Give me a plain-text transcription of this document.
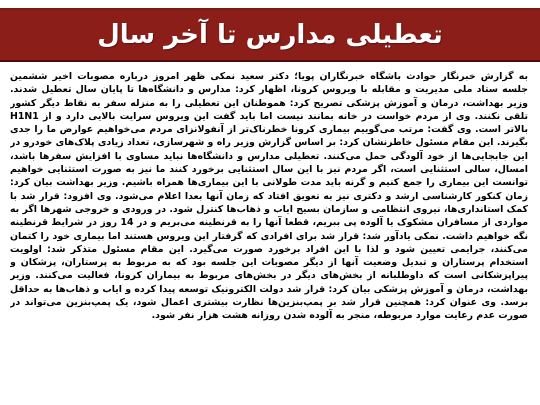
تعطیلی مدارس تا آخر سال
به گزارش خبرنگار حوادث باشگاه خبرنگاران پویا؛ دکتر سعید نمکی ظهر امروز درباره مصوبات اخیر ششمین جلسه ستاد ملی مدیریت و مقابله با ویروس کرونا، اظهار کرد: مدارس و دانشگاه‌ها تا پایان سال تعطیل شدند. وزیر بهداشت، درمان و آموزش پزشکی تصریح کرد: هموطنان این تعطیلی را به منزله سفر به نقاط دیگر کشور تلقی نکنند. وی از مردم خواست در خانه بمانند نیست اما باید گفت این ویروس سرایت بالایی دارد و از H1N1 بالاتر است. وی گفت: مرتب می‌گوییم بیماری کرونا خطرناک‌تر از آنفولانزای مردم می‌خواهیم عوارض ما را جدی بگیرند. این مقام مسئول خاطرنشان کرد: بر اساس گزارش وزیر راه و شهرسازی، تعداد زیادی پلاک‌های خودرو در این جابجایی‌ها از خود آلودگی حمل می‌کنند. تعطیلی مدارس و دانشگاه‌ها نباید مساوی با افزایش سفرها باشد، امسال، سالی استثنایی است، اگر مردم نیز با این سال استثنایی برخورد کنند ما نیز به صورت استثنایی خواهیم توانست این بیماری را جمع کنیم و گرنه باید مدت طولانی با این بیماری‌ها همراه باشیم. وزیر بهداشت بیان کرد: زمان کنکور کارشناسی ارشد و دکتری نیز به تعویق افتاد که زمان آنها بعدا اعلام می‌شود. وی افزود: قرار شد با کمک استانداری‌ها، نیروی انتظامی و سازمان بسیج ایاب و ذهاب‌ها کنترل شود. در ورودی و خروجی شهرها اگر به مواردی از مسافران مشکوک یا آلوده پی ببریم، قطعا آنها را به قرنطینه می‌بریم و در 14 روز در شرایط قرنطینه نگه خواهیم داشت. نمکی یادآور شد: قرار شد برای افرادی که گرفتار این ویروس هستند اما بیماری خود را کتمان می‌کنند، جرایمی تعیین شود و لذا با این افراد برخورد صورت می‌گیرد. این مقام مسئول متذکر شد: اولویت استخدام پرستاران و تبدیل وضعیت آنها از دیگر مصوبات این جلسه بود که به مربوط به پرستاران، پزشکان و پیراپزشکانی است که داوطلبانه از بخش‌های دیگر در بخش‌های مربوط به بیماران کرونا، فعالیت می‌کنند. وزیر بهداشت، درمان و آموزش پزشکی بیان کرد: قرار شد دولت الکترونیک توسعه پیدا کرده و ایاب و ذهاب‌ها به حداقل برسد. وی عنوان کرد: همچنین قرار شد بر پمپ‌بنزین‌ها نظارت بیشتری اعمال شود، یک پمپ‌بنزین می‌تواند در صورت عدم رعایت موارد مربوطه، منجر به آلوده شدن روزانه هشت هزار نفر شود.
